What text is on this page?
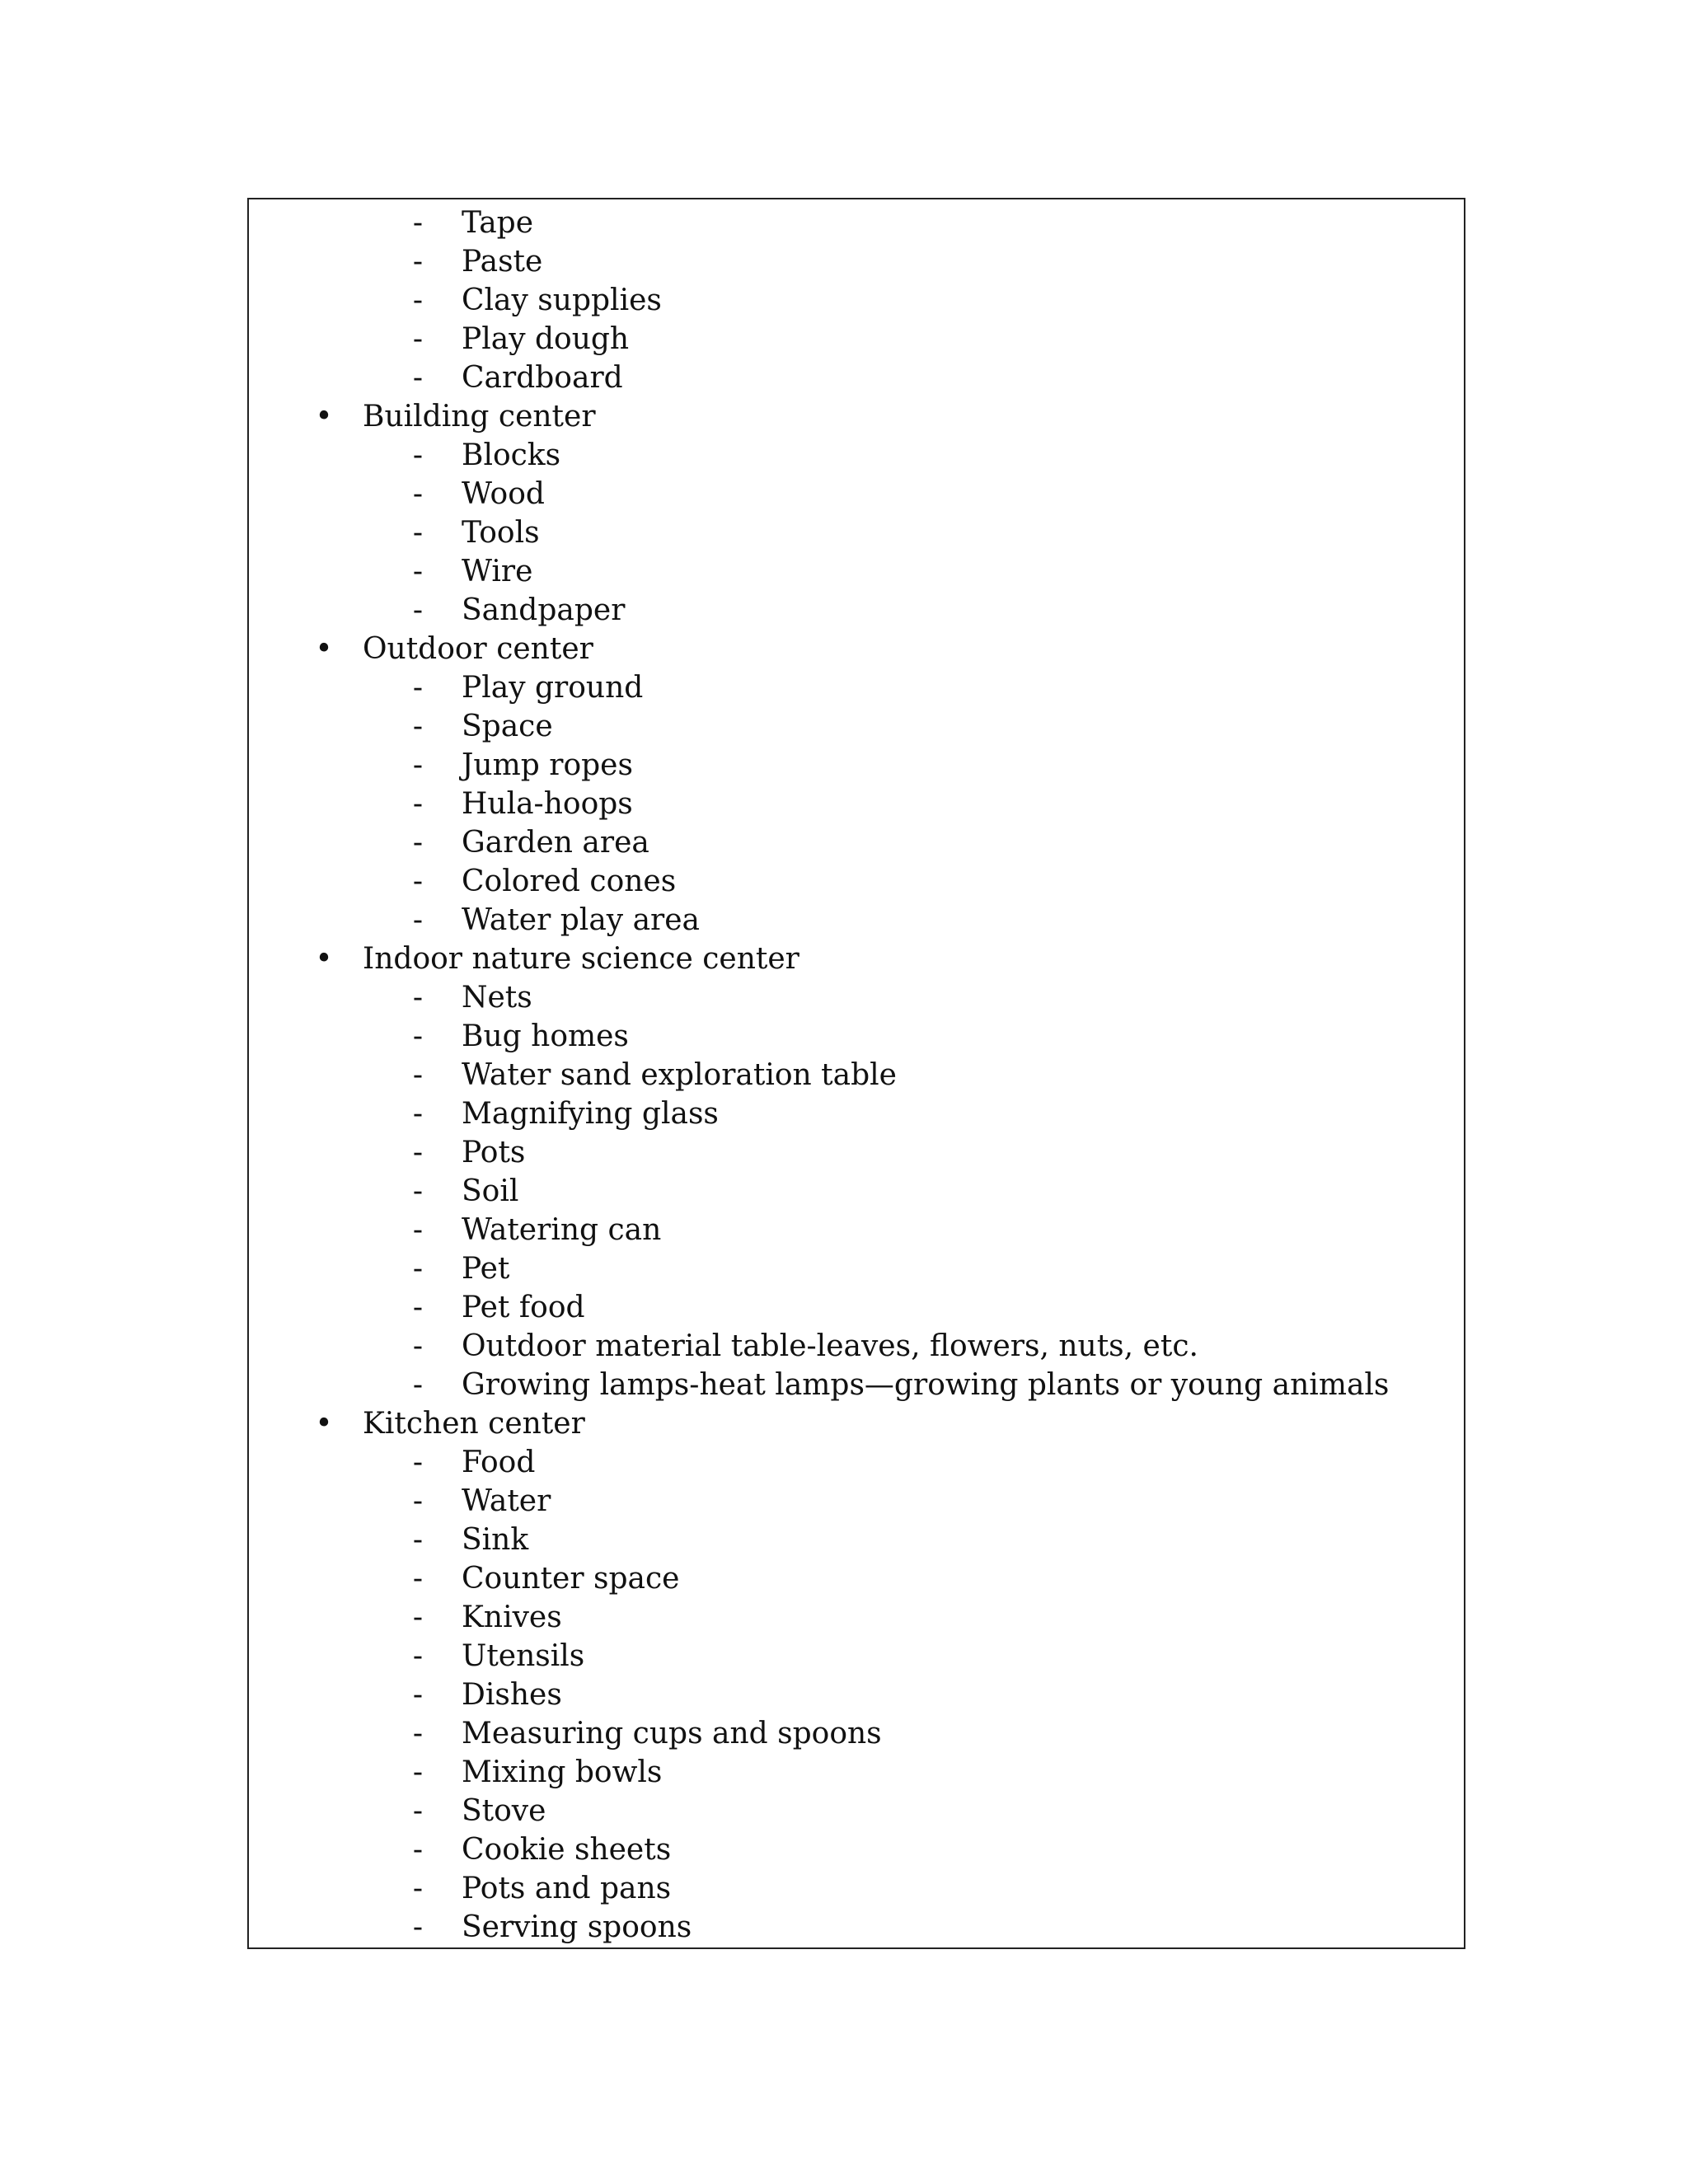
- Tape
- Paste
- Clay supplies
- Play dough
- Cardboard
• Building center
- Blocks
- Wood
- Tools
- Wire
- Sandpaper
• Outdoor center
- Play ground
- Space
- Jump ropes
- Hula-hoops
- Garden area
- Colored cones
- Water play area
• Indoor nature science center
- Nets
- Bug homes
- Water sand exploration table
- Magnifying glass
- Pots
- Soil
- Watering can
- Pet
- Pet food
- Outdoor material table-leaves, flowers, nuts, etc.
- Growing lamps-heat lamps—growing plants or young animals
• Kitchen center
- Food
- Water
- Sink
- Counter space
- Knives
- Utensils
- Dishes
- Measuring cups and spoons
- Mixing bowls
- Stove
- Cookie sheets
- Pots and pans
- Serving spoons
